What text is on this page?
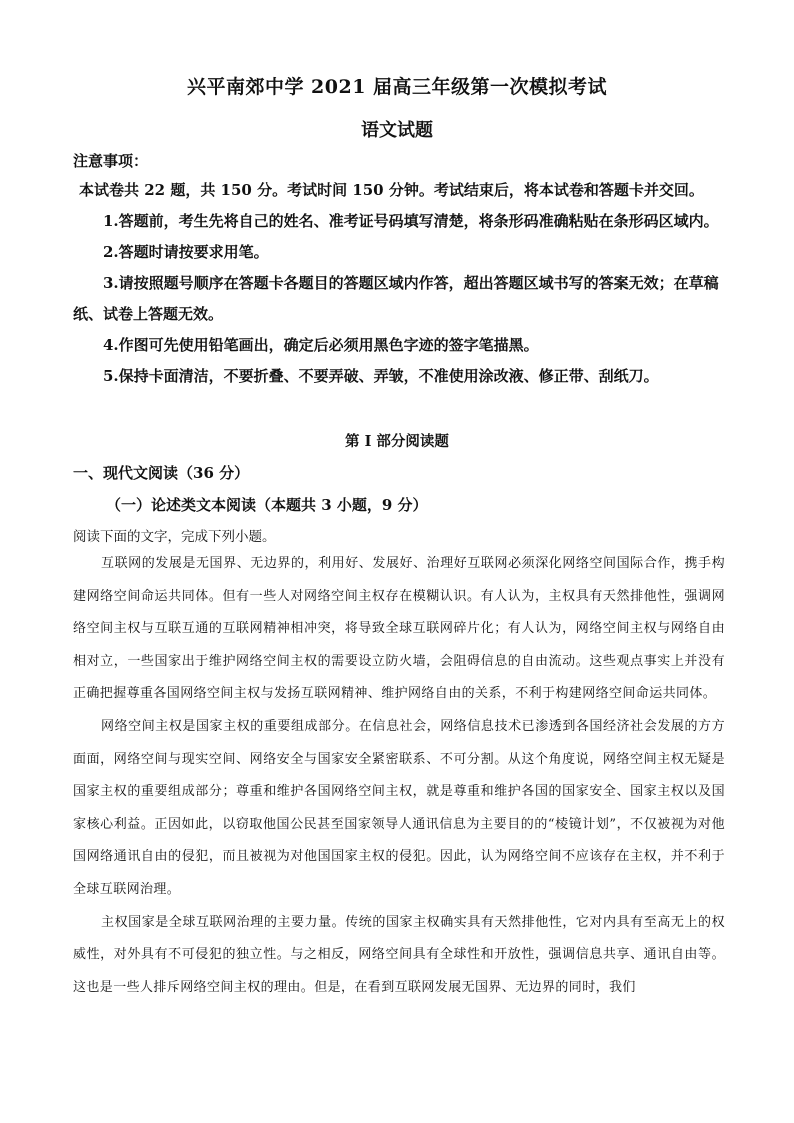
兴平南郊中学 2021 届高三年级第一次模拟考试
语文试题
注意事项：

本试卷共 22 题，共 150 分。考试时间 150 分钟。考试结束后，将本试卷和答题卡并交回。

1.答题前，考生先将自己的姓名、准考证号码填写清楚，将条形码准确粘贴在条形码区域内。

2.答题时请按要求用笔。

3.请按照题号顺序在答题卡各题目的答题区域内作答，超出答题区域书写的答案无效；在草稿纸、试卷上答题无效。

4.作图可先使用铅笔画出，确定后必须用黑色字迹的签字笔描黑。

5.保持卡面清洁，不要折叠、不要弄破、弄皱，不准使用涂改液、修正带、刮纸刀。

第 I 部分阅读题
一、现代文阅读（36 分）
（一）论述类文本阅读（本题共 3 小题，9 分）
阅读下面的文字，完成下列小题。

互联网的发展是无国界、无边界的，利用好、发展好、治理好互联网必须深化网络空间国际合作，携手构建网络空间命运共同体。但有一些人对网络空间主权存在模糊认识。有人认为，主权具有天然排他性，强调网络空间主权与互联互通的互联网精神相冲突，将导致全球互联网碎片化；有人认为，网络空间主权与网络自由相对立，一些国家出于维护网络空间主权的需要设立防火墙，会阻碍信息的自由流动。这些观点事实上并没有正确把握尊重各国网络空间主权与发扬互联网精神、维护网络自由的关系，不利于构建网络空间命运共同体。

网络空间主权是国家主权的重要组成部分。在信息社会，网络信息技术已渗透到各国经济社会发展的方方面面，网络空间与现实空间、网络安全与国家安全紧密联系、不可分割。从这个角度说，网络空间主权无疑是国家主权的重要组成部分；尊重和维护各国网络空间主权，就是尊重和维护各国的国家安全、国家主权以及国家核心利益。正因如此，以窃取他国公民甚至国家领导人通讯信息为主要目的的“棱镜计划”，不仅被视为对他国网络通讯自由的侵犯，而且被视为对他国国家主权的侵犯。因此，认为网络空间不应该存在主权，并不利于全球互联网治理。

主权国家是全球互联网治理的主要力量。传统的国家主权确实具有天然排他性，它对内具有至高无上的权威性，对外具有不可侵犯的独立性。与之相反，网络空间具有全球性和开放性，强调信息共享、通讯自由等。这也是一些人排斥网络空间主权的理由。但是，在看到互联网发展无国界、无边界的同时，我们
